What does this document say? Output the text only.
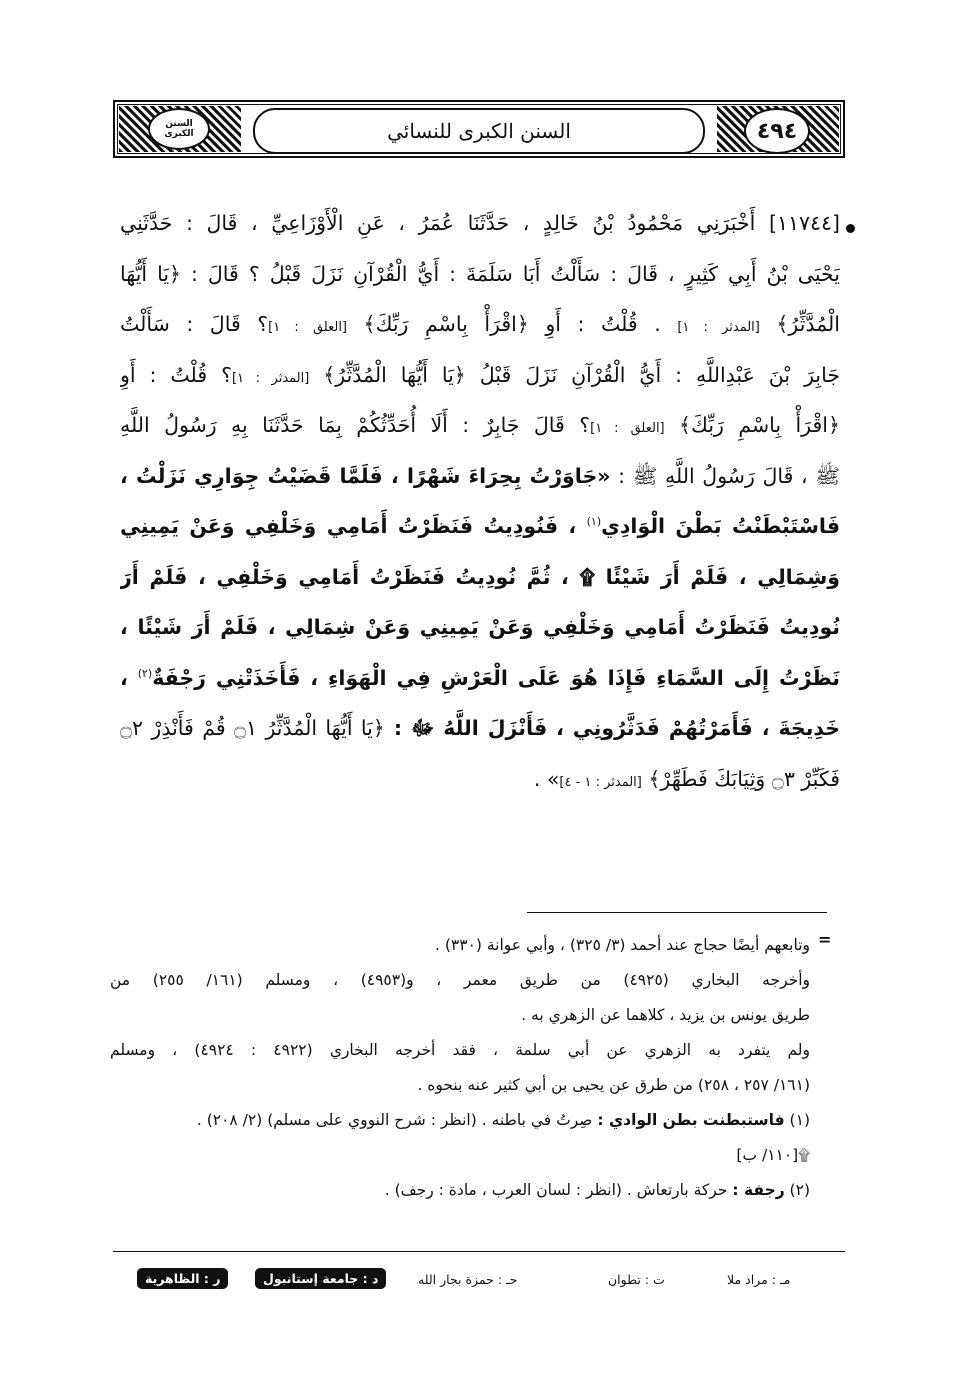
٤٩٤
السنن الكبرى	السنن الكبرى للنسائي
[١١٧٤٤] أَخْبَرَنِي مَحْمُودُ بْنُ خَالِدٍ ، حَدَّثَنَا عُمَرُ ، عَنِ الْأَوْزَاعِيِّ ، قَالَ : حَدَّثَنِي
يَحْيَى بْنُ أَبِي كَثِيرٍ ، قَالَ : سَأَلْتُ أَبَا سَلَمَةَ : أَيُّ الْقُرْآنِ نَزَلَ قَبْلُ ؟ قَالَ : ﴿يَا أَيُّهَا
الْمُدَّثِّرُ﴾ [المدثر : ١] . قُلْتُ : أَوِ ﴿اقْرَأْ بِاسْمِ رَبِّكَ﴾ [العلق : ١]؟ قَالَ : سَأَلْتُ
جَابِرَ بْنَ عَبْدِاللَّهِ : أَيُّ الْقُرْآنِ نَزَلَ قَبْلُ ﴿يَا أَيُّهَا الْمُدَّثِّرُ﴾ [المدثر : ١]؟ قُلْتُ : أَوِ
﴿اقْرَأْ بِاسْمِ رَبِّكَ﴾ [العلق : ١]؟ قَالَ جَابِرٌ : أَلَا أُحَدِّثُكُمْ بِمَا حَدَّثَنَا بِهِ رَسُولُ اللَّهِ
ﷺ ، قَالَ رَسُولُ اللَّهِ ﷺ : «جَاوَرْتُ بِحِرَاءَ شَهْرًا ، فَلَمَّا قَضَيْتُ جِوَارِي نَزَلْتُ ،
فَاسْتَبْطَنْتُ بَطْنَ الْوَادِي$^{(١)}$ ، فَنُودِيتُ فَنَظَرْتُ أَمَامِي وَخَلْفِي وَعَنْ يَمِينِي
وَشِمَالِي ، فَلَمْ أَرَ شَيْئًا ۩ ، ثُمَّ نُودِيتُ فَنَظَرْتُ أَمَامِي وَخَلْفِي ، فَلَمْ أَرَ
نُودِيتُ فَنَظَرْتُ أَمَامِي وَخَلْفِي وَعَنْ يَمِينِي وَعَنْ شِمَالِي ، فَلَمْ أَرَ شَيْئًا ،
نَظَرْتُ إِلَى السَّمَاءِ فَإِذَا هُوَ عَلَى الْعَرْشِ فِي الْهَوَاءِ ، فَأَخَذَتْنِي رَجْفَةٌ$^{(٢)}$ ،
خَدِيجَةَ ، فَأَمَرْتُهُمْ فَدَثَّرُونِي ، فَأَنْزَلَ اللَّهُ ﷻ : ﴿يَا أَيُّهَا الْمُدَّثِّرُ ۝١ قُمْ فَأَنْذِرْ ۝٢
فَكَبِّرْ ۝٣ وَثِيَابَكَ فَطَهِّرْ﴾ [المدثر : ١ - ٤]» .
=
وتابعهم أيضًا حجاج عند أحمد (٣/ ٣٢٥) ، وأبي عوانة (٣٣٠) .
وأخرجه البخاري (٤٩٢٥) من طريق معمر ، و(٤٩٥٣) ، ومسلم (١٦١/ ٢٥٥) من
طريق يونس بن يزيد ، كلاهما عن الزهري به .
ولم يتفرد به الزهري عن أبي سلمة ، فقد أخرجه البخاري (٤٩٢٢ : ٤٩٢٤) ، ومسلم
(١٦١/ ٢٥٧ ، ٢٥٨) من طرق عن يحيى بن أبي كثير عنه بنحوه .
(١) فاستبطنت بطن الوادي : صِرتُ في باطنه . (انظر : شرح النووي على مسلم) (٢/ ٢٠٨) .
۩[١١٠/ ب]
(٢) رجفة : حركة بارتعاش . (انظر : لسان العرب ، مادة : رجف) .
مـ : مراد ملا
ت : تطوان
حـ : حمزة بجار الله
د : جامعة إستانبول
ر : الظاهرية
